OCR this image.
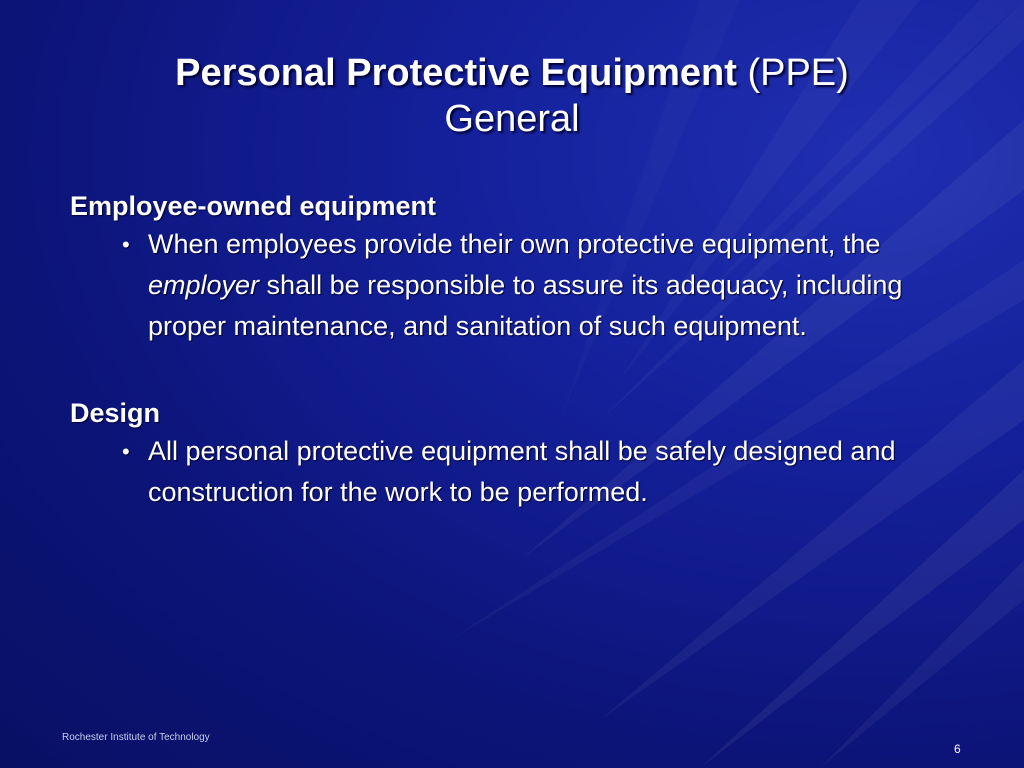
Personal Protective Equipment (PPE)
General
Employee-owned equipment
• When employees provide their own protective equipment, the employer shall be responsible to assure its adequacy, including proper maintenance, and sanitation of such equipment.
Design
• All personal protective equipment shall be safely designed and construction for the work to be performed.
Rochester Institute of Technology
6
